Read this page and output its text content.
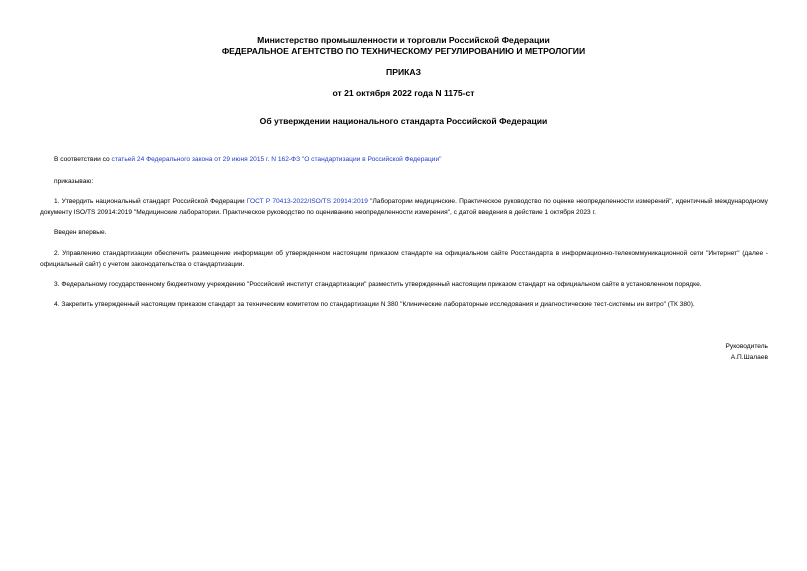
Министерство промышленности и торговли Российской Федерации
ФЕДЕРАЛЬНОЕ АГЕНТСТВО ПО ТЕХНИЧЕСКОМУ РЕГУЛИРОВАНИЮ И МЕТРОЛОГИИ
ПРИКАЗ
от 21 октября 2022 года N 1175-ст
Об утверждении национального стандарта Российской Федерации
В соответствии со статьей 24 Федерального закона от 29 июня 2015 г. N 162-ФЗ "О стандартизации в Российской Федерации"
приказываю:
1. Утвердить национальный стандарт Российской Федерации ГОСТ Р 70413-2022/ISO/TS 20914:2019 "Лаборатории медицинские. Практическое руководство по оценке неопределенности измерений", идентичный международному документу ISO/TS 20914:2019 "Медицинские лаборатории. Практическое руководство по оцениванию неопределенности измерения", с датой введения в действие 1 октября 2023 г.
Введен впервые.
2. Управлению стандартизации обеспечить размещение информации об утвержденном настоящим приказом стандарте на официальном сайте Росстандарта в информационно-телекоммуникационной сети "Интернет" (далее - официальный сайт) с учетом законодательства о стандартизации.
3. Федеральному государственному бюджетному учреждению "Российский институт стандартизации" разместить утвержденный настоящим приказом стандарт на официальном сайте в установленном порядке.
4. Закрепить утвержденный настоящим приказом стандарт за техническим комитетом по стандартизации N 380 "Клинические лабораторные исследования и диагностические тест-системы ин витро" (ТК 380).
Руководитель
А.П.Шалаев
